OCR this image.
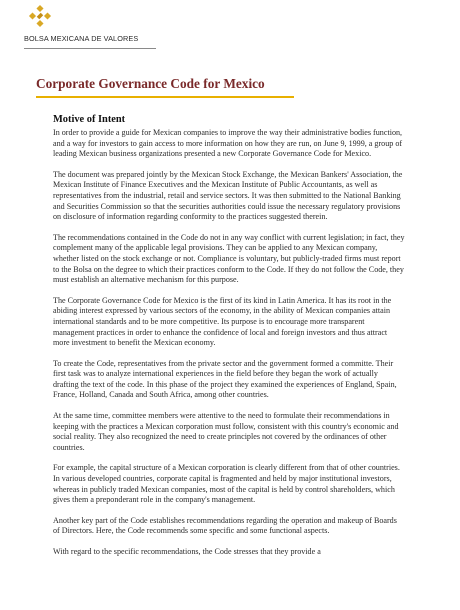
BOLSA MEXICANA DE VALORES
Corporate Governance Code for Mexico
Motive of Intent

In order to provide a guide for Mexican companies to improve the way their administrative bodies function, and a way for investors to gain access to more information on how they are run, on June 9, 1999, a group of leading Mexican business organizations presented a new Corporate Governance Code for Mexico.

The document was prepared jointly by the Mexican Stock Exchange, the Mexican Bankers' Association, the Mexican Institute of Finance Executives and the Mexican Institute of Public Accountants, as well as representatives from the industrial, retail and service sectors. It was then submitted to the National Banking and Securities Commission so that the securities authorities could issue the necessary regulatory provisions on disclosure of information regarding conformity to the practices suggested therein.

The recommendations contained in the Code do not in any way conflict with current legislation; in fact, they complement many of the applicable legal provisions. They can be applied to any Mexican company, whether listed on the stock exchange or not. Compliance is voluntary, but publicly-traded firms must report to the Bolsa on the degree to which their practices conform to the Code. If they do not follow the Code, they must establish an alternative mechanism for this purpose.

The Corporate Governance Code for Mexico is the first of its kind in Latin America. It has its root in the abiding interest expressed by various sectors of the economy, in the ability of Mexican companies attain international standards and to be more competitive. Its purpose is to encourage more transparent management practices in order to enhance the confidence of local and foreign investors and thus attract more investment to benefit the Mexican economy.

To create the Code, representatives from the private sector and the government formed a committe. Their first task was to analyze international experiences in the field before they began the work of actually drafting the text of the code. In this phase of the project they examined the experiences of England, Spain, France, Holland, Canada and South Africa, among other countries.

At the same time, committee members were attentive to the need to formulate their recommendations in keeping with the practices a Mexican corporation must follow, consistent with this country's economic and social reality. They also recognized the need to create principles not covered by the ordinances of other countries.

For example, the capital structure of a Mexican corporation is clearly different from that of other countries. In various developed countries, corporate capital is fragmented and held by major institutional investors, whereas in publicly traded Mexican companies, most of the capital is held by control shareholders, which gives them a preponderant role in the company's management.

Another key part of the Code establishes recommendations regarding the operation and makeup of Boards of Directors. Here, the Code recommends some specific and some functional aspects.

With regard to the specific recommendations, the Code stresses that they provide a
